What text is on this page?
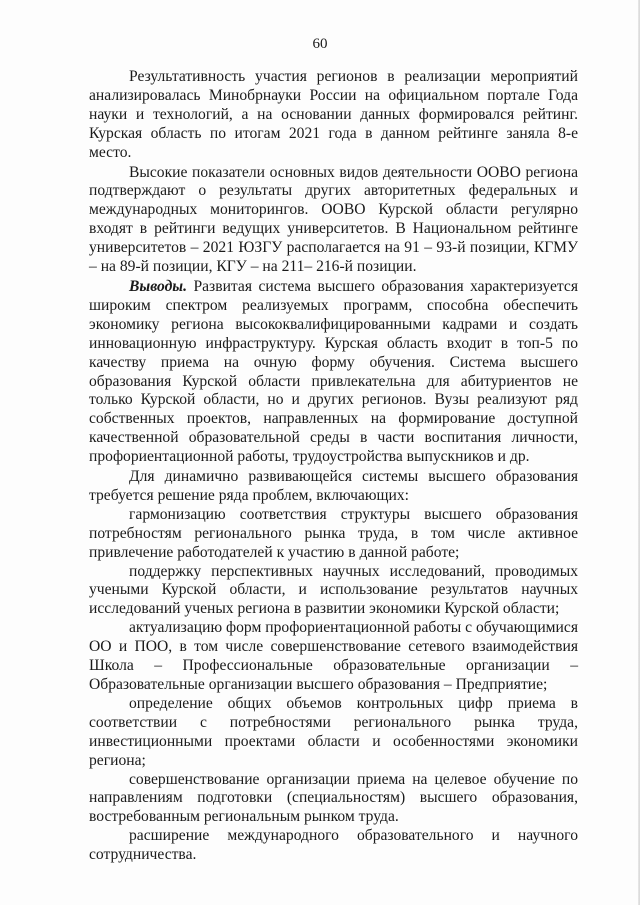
60

Результативность участия регионов в реализации мероприятий анализировалась Минобрнауки России на официальном портале Года науки и технологий, а на основании данных формировался рейтинг. Курская область по итогам 2021 года в данном рейтинге заняла 8-е место.

Высокие показатели основных видов деятельности ООВО региона подтверждают о результаты других авторитетных федеральных и международных мониторингов. ООВО Курской области регулярно входят в рейтинги ведущих университетов. В Национальном рейтинге университетов – 2021 ЮЗГУ располагается на 91 – 93-й позиции, КГМУ – на 89-й позиции, КГУ – на 211– 216-й позиции.

Выводы. Развитая система высшего образования характеризуется широким спектром реализуемых программ, способна обеспечить экономику региона высококвалифицированными кадрами и создать инновационную инфраструктуру. Курская область входит в топ-5 по качеству приема на очную форму обучения. Система высшего образования Курской области привлекательна для абитуриентов не только Курской области, но и других регионов. Вузы реализуют ряд собственных проектов, направленных на формирование доступной качественной образовательной среды в части воспитания личности, профориентационной работы, трудоустройства выпускников и др.

Для динамично развивающейся системы высшего образования требуется решение ряда проблем, включающих:

гармонизацию соответствия структуры высшего образования потребностям регионального рынка труда, в том числе активное привлечение работодателей к участию в данной работе;

поддержку перспективных научных исследований, проводимых учеными Курской области, и использование результатов научных исследований ученых региона в развитии экономики Курской области;

актуализацию форм профориентационной работы с обучающимися ОО и ПОО, в том числе совершенствование сетевого взаимодействия Школа – Профессиональные образовательные организации – Образовательные организации высшего образования – Предприятие;

определение общих объемов контрольных цифр приема в соответствии с потребностями регионального рынка труда, инвестиционными проектами области и особенностями экономики региона;

совершенствование организации приема на целевое обучение по направлениям подготовки (специальностям) высшего образования, востребованным региональным рынком труда.

расширение международного образовательного и научного сотрудничества.
